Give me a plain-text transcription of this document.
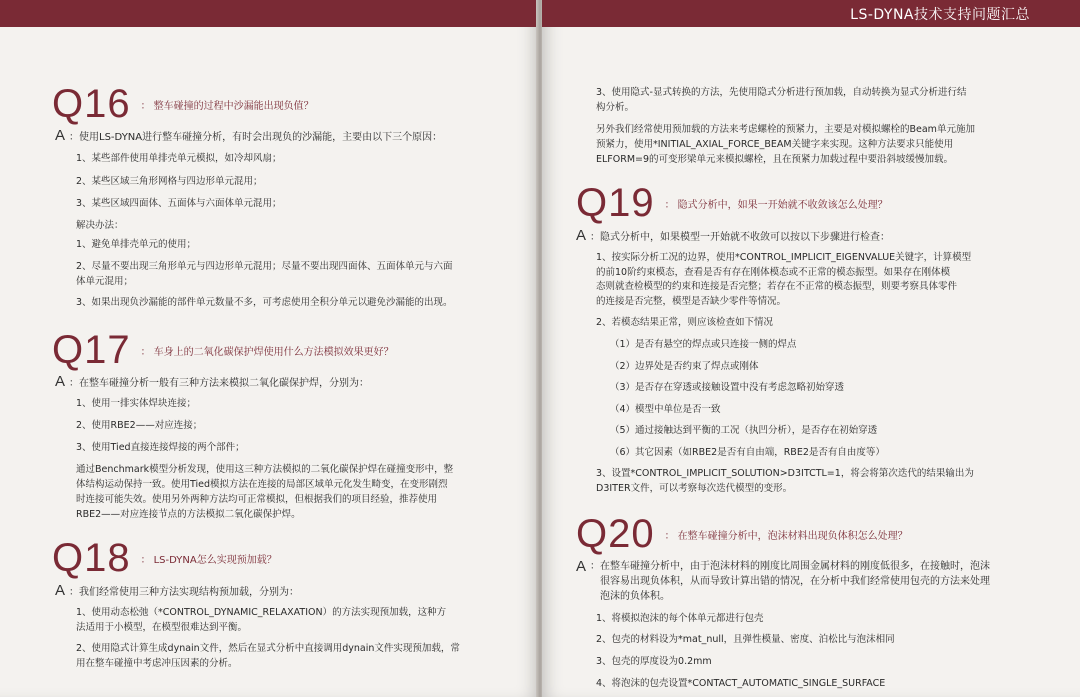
Q16 ： 整车碰撞的过程中沙漏能出现负值？
A ： 使用LS-DYNA进行整车碰撞分析，有时会出现负的沙漏能，主要由以下三个原因：
1、某些部件使用单排壳单元模拟，如冷却风扇；
2、某些区域三角形网格与四边形单元混用；
3、某些区域四面体、五面体与六面体单元混用；
解决办法：
1、避免单排壳单元的使用；
2、尽量不要出现三角形单元与四边形单元混用；尽量不要出现四面体、五面体单元与六面
体单元混用；
3、如果出现负沙漏能的部件单元数量不多，可考虑使用全积分单元以避免沙漏能的出现。
Q17 ： 车身上的二氧化碳保护焊使用什么方法模拟效果更好？
A ： 在整车碰撞分析一般有三种方法来模拟二氧化碳保护焊，分别为：
1、使用一排实体焊块连接；
2、使用RBE2——对应连接；
3、使用Tied直接连接焊接的两个部件；
通过Benchmark模型分析发现，使用这三种方法模拟的二氧化碳保护焊在碰撞变形中，整
体结构运动保持一致。使用Tied模拟方法在连接的局部区域单元化发生畸变，在变形剧烈
时连接可能失效。使用另外两种方法均可正常模拟，但根据我们的项目经验，推荐使用
RBE2——对应连接节点的方法模拟二氧化碳保护焊。
Q18 ： LS-DYNA怎么实现预加载？
A ： 我们经常使用三种方法实现结构预加载，分别为：
1、使用动态松弛（*CONTROL_DYNAMIC_RELAXATION）的方法实现预加载，这种方
法适用于小模型，在模型很难达到平衡。
2、使用隐式计算生成dynain文件，然后在显式分析中直接调用dynain文件实现预加载，常
用在整车碰撞中考虑冲压因素的分析。
LS-DYNA技术支持问题汇总
3、使用隐式-显式转换的方法，先使用隐式分析进行预加载，自动转换为显式分析进行结
构分析。
另外我们经常使用预加载的方法来考虑螺栓的预紧力，主要是对模拟螺栓的Beam单元施加
预紧力，使用*INITIAL_AXIAL_FORCE_BEAM关键字来实现。这种方法要求只能使用
ELFORM=9的可变形梁单元来模拟螺栓，且在预紧力加载过程中要沿斜坡缓慢加载。
Q19 ： 隐式分析中，如果一开始就不收敛该怎么处理？
A ： 隐式分析中，如果模型一开始就不收敛可以按以下步骤进行检查：
1、按实际分析工况的边界，使用*CONTROL_IMPLICIT_EIGENVALUE关键字，计算模型
的前10阶约束模态，查看是否有存在刚体模态或不正常的模态振型。如果存在刚体模
态则就查检模型的约束和连接是否完整；若存在不正常的模态振型，则要考察具体零件
的连接是否完整，模型是否缺少零件等情况。
2、若模态结果正常，则应该检查如下情况
（1）是否有悬空的焊点或只连接一侧的焊点
（2）边界处是否约束了焊点或刚体
（3）是否存在穿透或接触设置中没有考虑忽略初始穿透
（4）模型中单位是否一致
（5）通过接触达到平衡的工况（执凹分析），是否存在初始穿透
（6）其它因素（如RBE2是否有自由端，RBE2是否有自由度等）
3、设置*CONTROL_IMPLICIT_SOLUTION>D3ITCTL=1，将会将第次迭代的结果输出为
D3ITER文件，可以考察每次迭代模型的变形。
Q20 ： 在整车碰撞分析中，泡沫材料出现负体积怎么处理？
A ： 在整车碰撞分析中，由于泡沫材料的刚度比周围金属材料的刚度低很多，在接触时，泡沫
很容易出现负体积，从而导致计算出错的情况，在分析中我们经常使用包壳的方法来处理
泡沫的负体积。
1、将模拟泡沫的每个体单元都进行包壳
2、包壳的材料设为*mat_null，且弹性模量、密度、泊松比与泡沫相同
3、包壳的厚度设为0.2mm
4、将泡沫的包壳设置*CONTACT_AUTOMATIC_SINGLE_SURFACE
